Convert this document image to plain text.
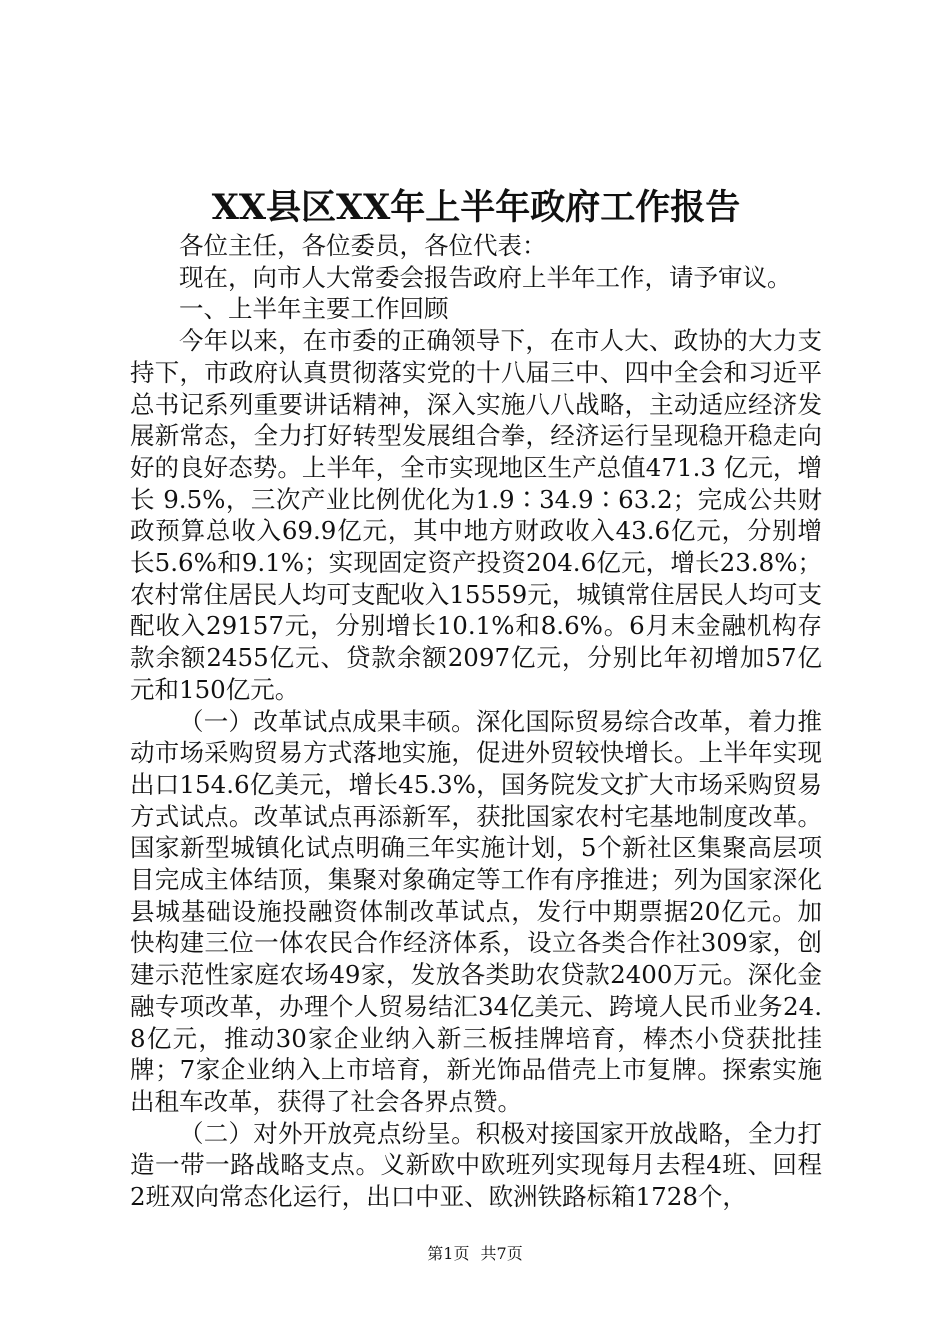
XX县区XX年上半年政府工作报告

各位主任，各位委员，各位代表：

现在，向市人大常委会报告政府上半年工作，请予审议。

一、上半年主要工作回顾

今年以来，在市委的正确领导下，在市人大、政协的大力支持下，市政府认真贯彻落实党的十八届三中、四中全会和习近平总书记系列重要讲话精神，深入实施八八战略，主动适应经济发展新常态，全力打好转型发展组合拳，经济运行呈现稳开稳走向好的良好态势。上半年，全市实现地区生产总值471.3 亿元，增长 9.5%，三次产业比例优化为1.9∶34.9∶63.2；完成公共财政预算总收入69.9亿元，其中地方财政收入43.6亿元，分别增长5.6%和9.1%；实现固定资产投资204.6亿元，增长23.8%；农村常住居民人均可支配收入15559元，城镇常住居民人均可支配收入29157元，分别增长10.1%和8.6%。6月末金融机构存款余额2455亿元、贷款余额2097亿元，分别比年初增加57亿元和150亿元。

（一）改革试点成果丰硕。深化国际贸易综合改革，着力推动市场采购贸易方式落地实施，促进外贸较快增长。上半年实现出口154.6亿美元，增长45.3%，国务院发文扩大市场采购贸易方式试点。改革试点再添新军，获批国家农村宅基地制度改革。国家新型城镇化试点明确三年实施计划，5个新社区集聚高层项目完成主体结顶，集聚对象确定等工作有序推进；列为国家深化县城基础设施投融资体制改革试点，发行中期票据20亿元。加快构建三位一体农民合作经济体系，设立各类合作社309家，创建示范性家庭农场49家，发放各类助农贷款2400万元。深化金融专项改革，办理个人贸易结汇34亿美元、跨境人民币业务24.8亿元，推动30家企业纳入新三板挂牌培育，棒杰小贷获批挂牌；7家企业纳入上市培育，新光饰品借壳上市复牌。探索实施出租车改革，获得了社会各界点赞。

（二）对外开放亮点纷呈。积极对接国家开放战略，全力打造一带一路战略支点。义新欧中欧班列实现每月去程4班、回程2班双向常态化运行，出口中亚、欧洲铁路标箱1728个，

第1页 共7页
